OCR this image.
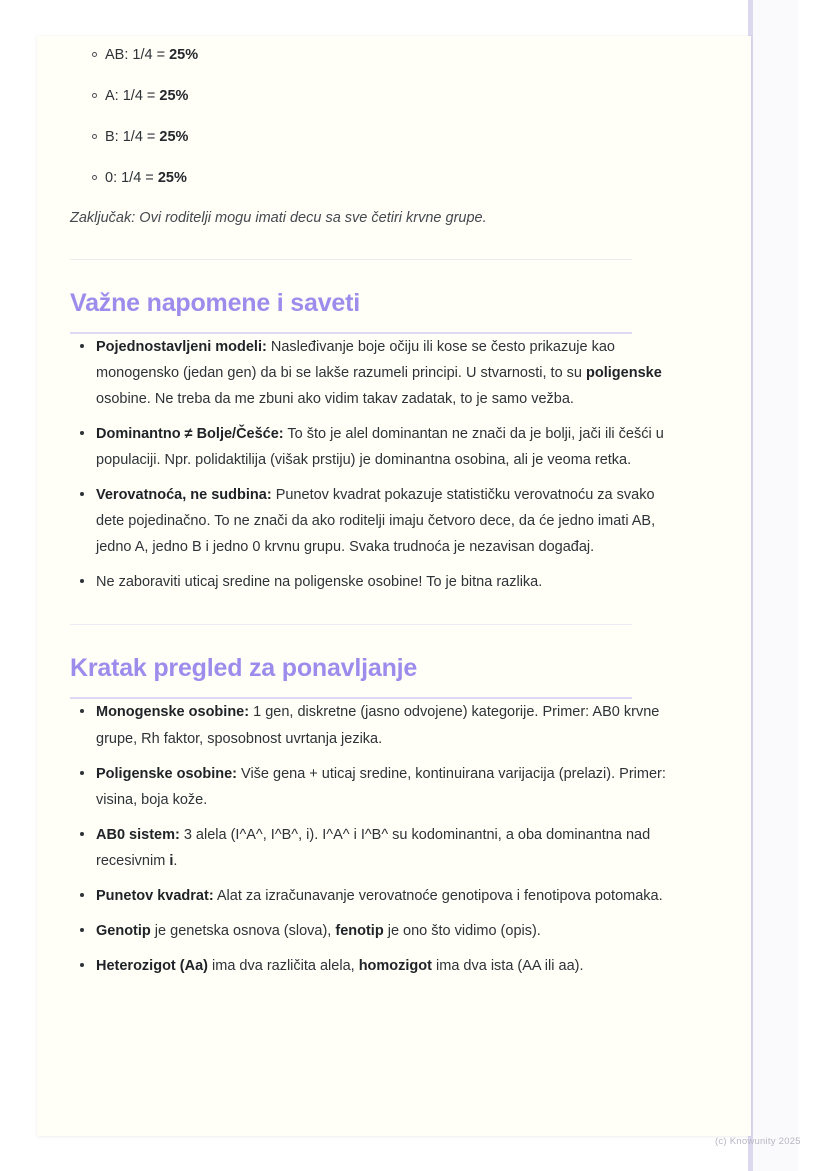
AB: 1/4 = 25%
A: 1/4 = 25%
B: 1/4 = 25%
0: 1/4 = 25%

Zaključak: Ovi roditelji mogu imati decu sa sve četiri krvne grupe.

Važne napomene i saveti
Pojednostavljeni modeli: Nasleđivanje boje očiju ili kose se često prikazuje kao monogensko (jedan gen) da bi se lakše razumeli principi. U stvarnosti, to su poligenske osobine. Ne treba da me zbuni ako vidim takav zadatak, to je samo vežba.
Dominantno ≠ Bolje/Češće: To što je alel dominantan ne znači da je bolji, jači ili češći u populaciji. Npr. polidaktilija (višak prstiju) je dominantna osobina, ali je veoma retka.
Verovatnoća, ne sudbina: Punetov kvadrat pokazuje statističku verovatnoću za svako dete pojedinačno. To ne znači da ako roditelji imaju četvoro dece, da će jedno imati AB, jedno A, jedno B i jedno 0 krvnu grupu. Svaka trudnoća je nezavisan događaj.
Ne zaboraviti uticaj sredine na poligenske osobine! To je bitna razlika.
Kratak pregled za ponavljanje
Monogenske osobine: 1 gen, diskretne (jasno odvojene) kategorije. Primer: AB0 krvne grupe, Rh faktor, sposobnost uvrtanja jezika.
Poligenske osobine: Više gena + uticaj sredine, kontinuirana varijacija (prelazi). Primer: visina, boja kože.
AB0 sistem: 3 alela (I^A^, I^B^, i). I^A^ i I^B^ su kodominantni, a oba dominantna nad recesivnim i.
Punetov kvadrat: Alat za izračunavanje verovatnoće genotipova i fenotipova potomaka.
Genotip je genetska osnova (slova), fenotip je ono što vidimo (opis).
Heterozigot (Aa) ima dva različita alela, homozigot ima dva ista (AA ili aa).
(c) Knowunity 2025
